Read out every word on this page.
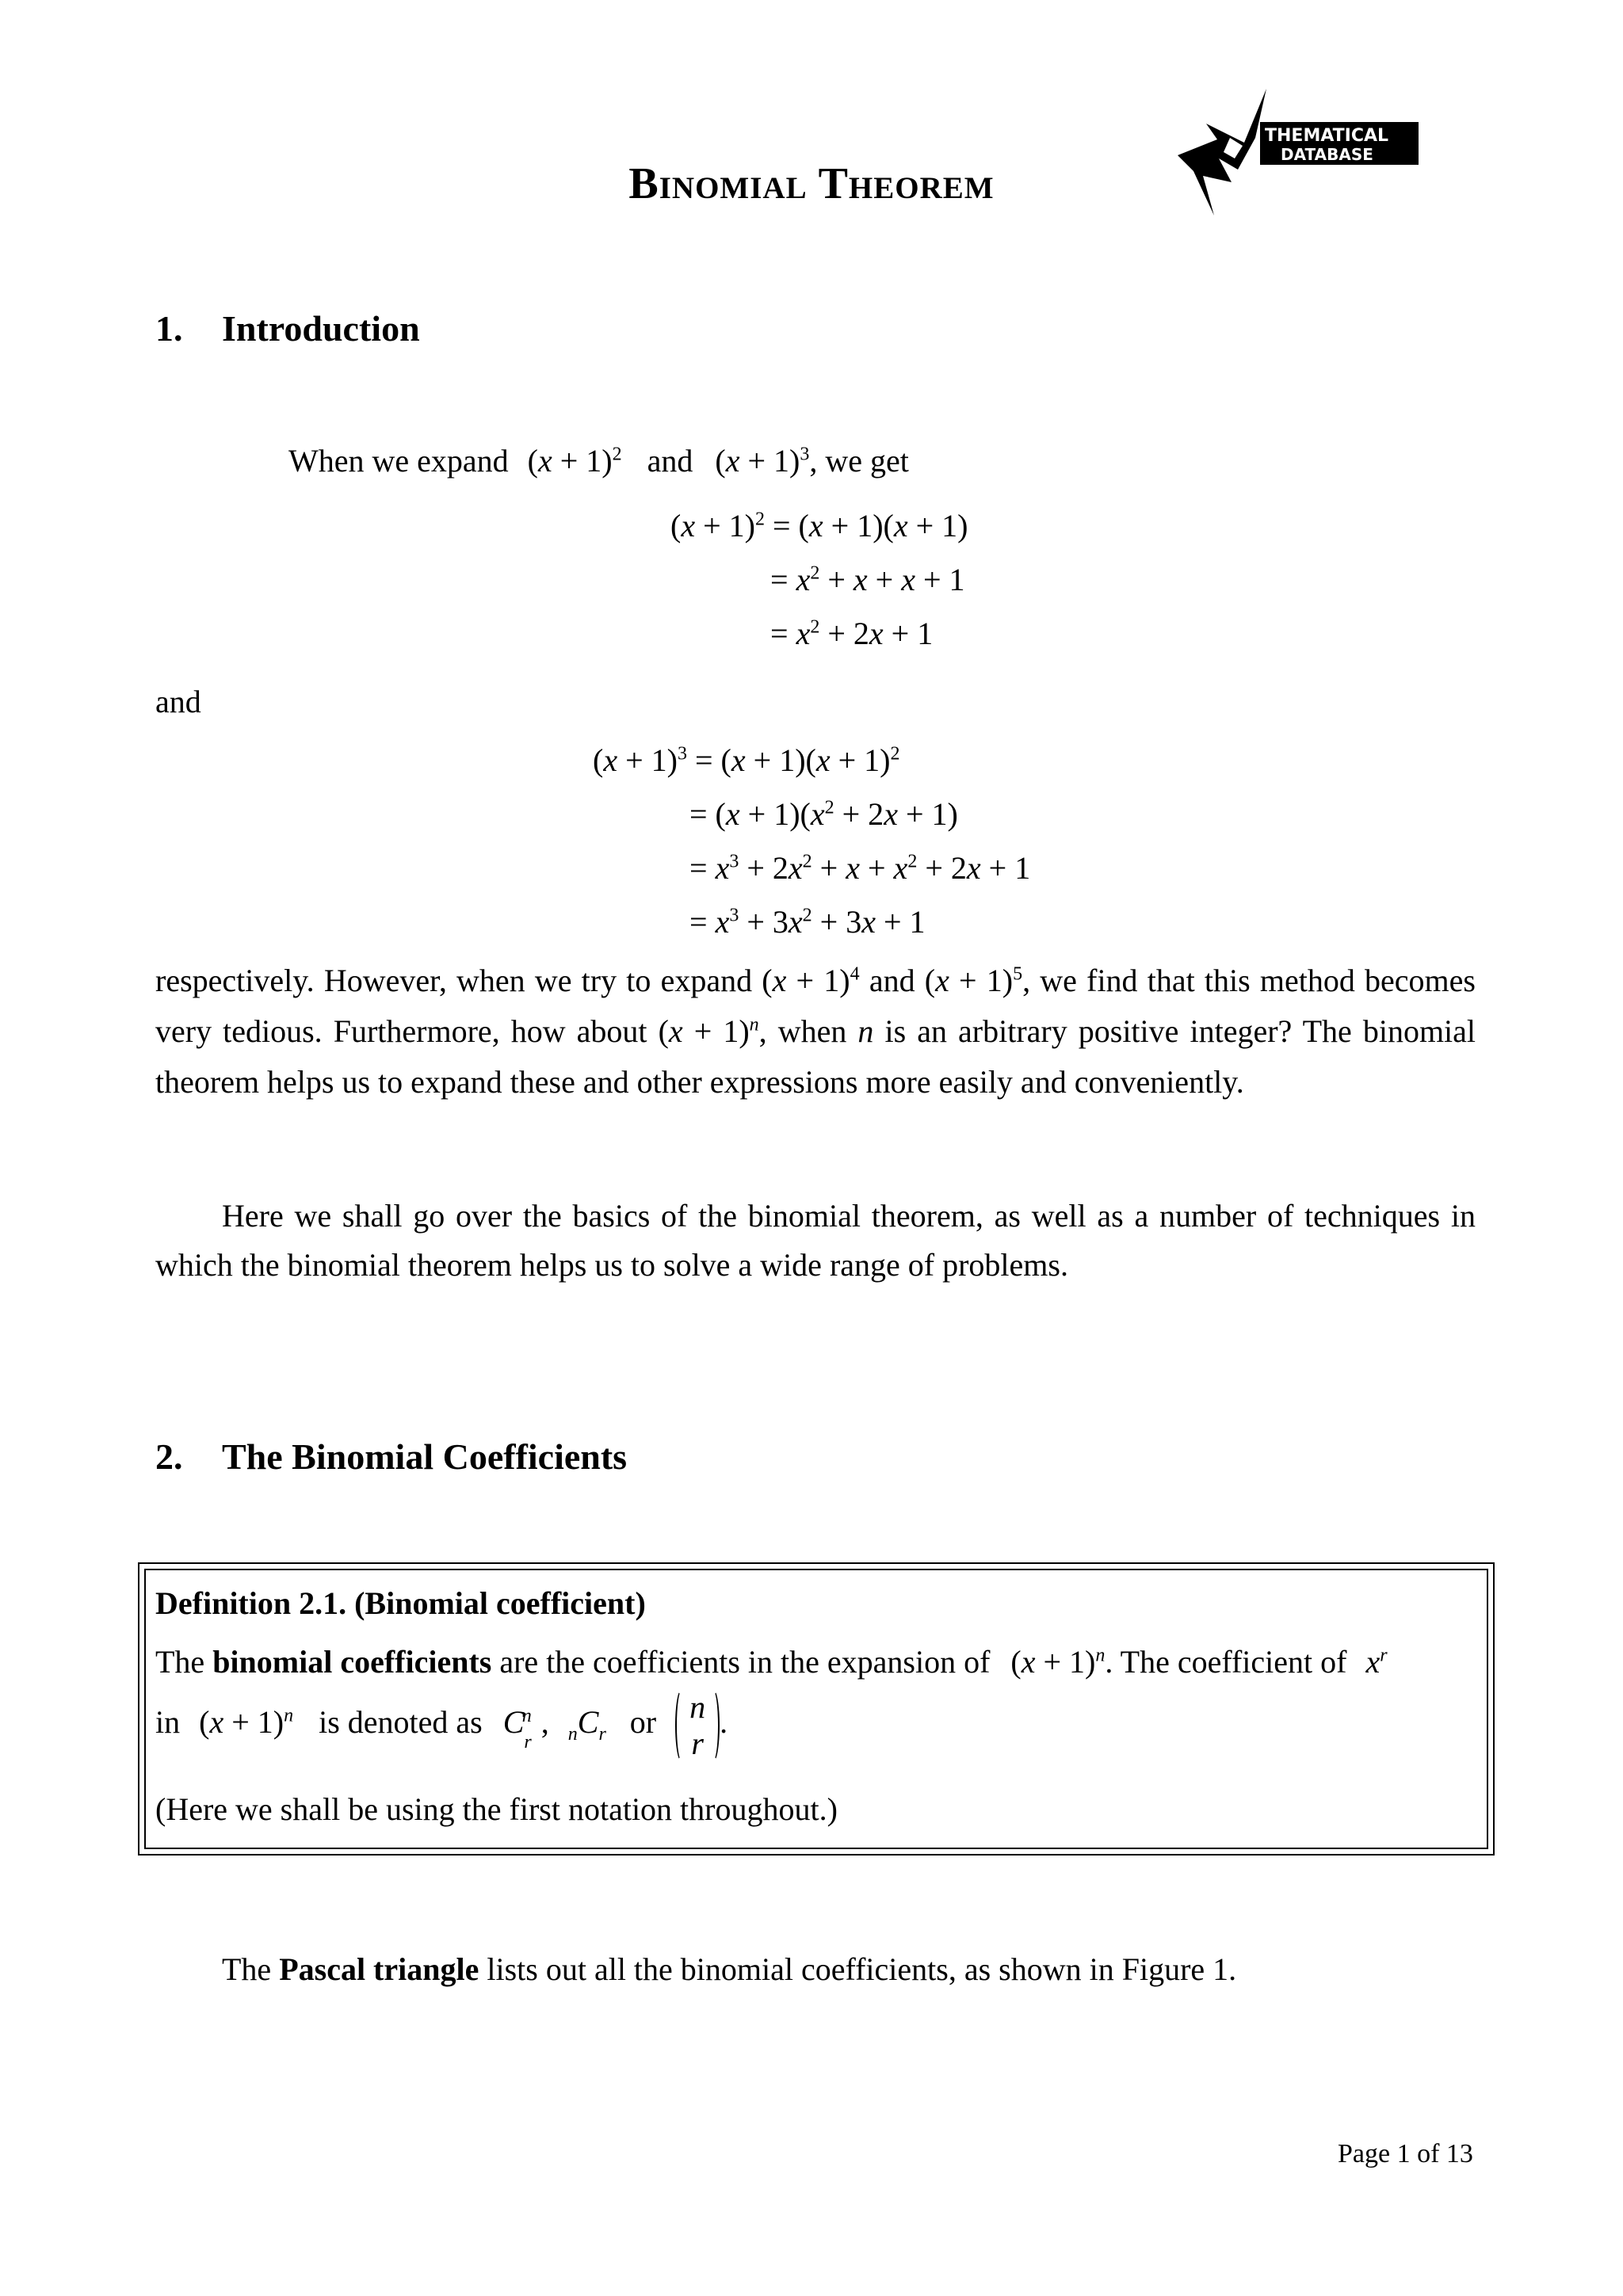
Binomial Theorem
THEMATICAL
DATABASE
1. Introduction
When we expand $(x + 1)^2$ and $(x + 1)^3$, we get
$(x + 1)^2 = (x + 1)(x + 1)$
= $x^2 + x + x + 1$
= $x^2 + 2x + 1$
and
$(x + 1)^3 = (x + 1)(x + 1)^2$
= $(x + 1)(x^2 + 2x + 1)$
= $x^3 + 2x^2 + x + x^2 + 2x + 1$
= $x^3 + 3x^2 + 3x + 1$
respectively. However, when we try to expand $(x + 1)^4$ and $(x + 1)^5$, we find that this method becomes very tedious. Furthermore, how about $(x + 1)^n$, when n is an arbitrary positive integer? The binomial theorem helps us to expand these and other expressions more easily and conveniently.
Here we shall go over the basics of the binomial theorem, as well as a number of techniques in which the binomial theorem helps us to solve a wide range of problems.
2. The Binomial Coefficients
Definition 2.1. (Binomial coefficient)
The binomial coefficients are the coefficients in the expansion of $(x + 1)^n$. The coefficient of $x^r$
in $(x + 1)^n$ is denoted as $C_r^n$ , $_nC_r$ or n
r
.
(Here we shall be using the first notation throughout.)
The Pascal triangle lists out all the binomial coefficients, as shown in Figure 1.
Page 1 of 13
